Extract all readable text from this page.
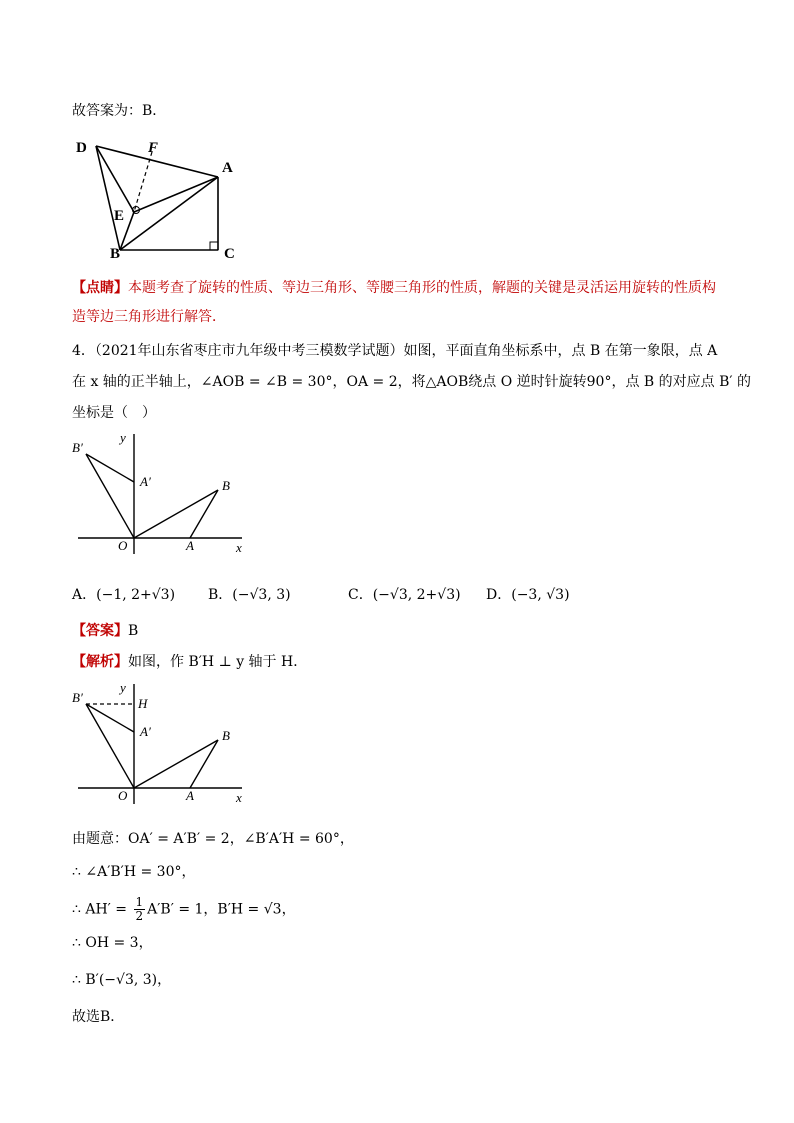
故答案为：B．
D	F
A
E
B	C
【点睛】本题考查了旋转的性质、等边三角形、等腰三角形的性质，解题的关键是灵活运用旋转的性质构
造等边三角形进行解答．
4．（2021年山东省枣庄市九年级中考三模数学试题）如图，平面直角坐标系中，点 B 在第一象限，点 A
在 x 轴的正半轴上，∠AOB = ∠B = 30°，OA = 2，将△AOB绕点 O 逆时针旋转90°，点 B 的对应点 B′ 的
坐标是（　）
y
B′
A′	B
O	A	x
A．(−1, 2+√3) B．(−√3, 3)	C．(−√3, 2+√3) D．(−3, √3)
【答案】B
【解析】如图，作 B′H ⊥ y 轴于 H．
y
B′	H
A′	B
O	A	x
由题意：OA′ = A′B′ = 2，∠B′A′H = 60°，
∴ ∠A′B′H = 30°，
∴ $AH' = \frac{1}{2} A'B' = 1$，B′H = √3，
∴ OH = 3，
∴ B′(−√3, 3)，
故选B．
